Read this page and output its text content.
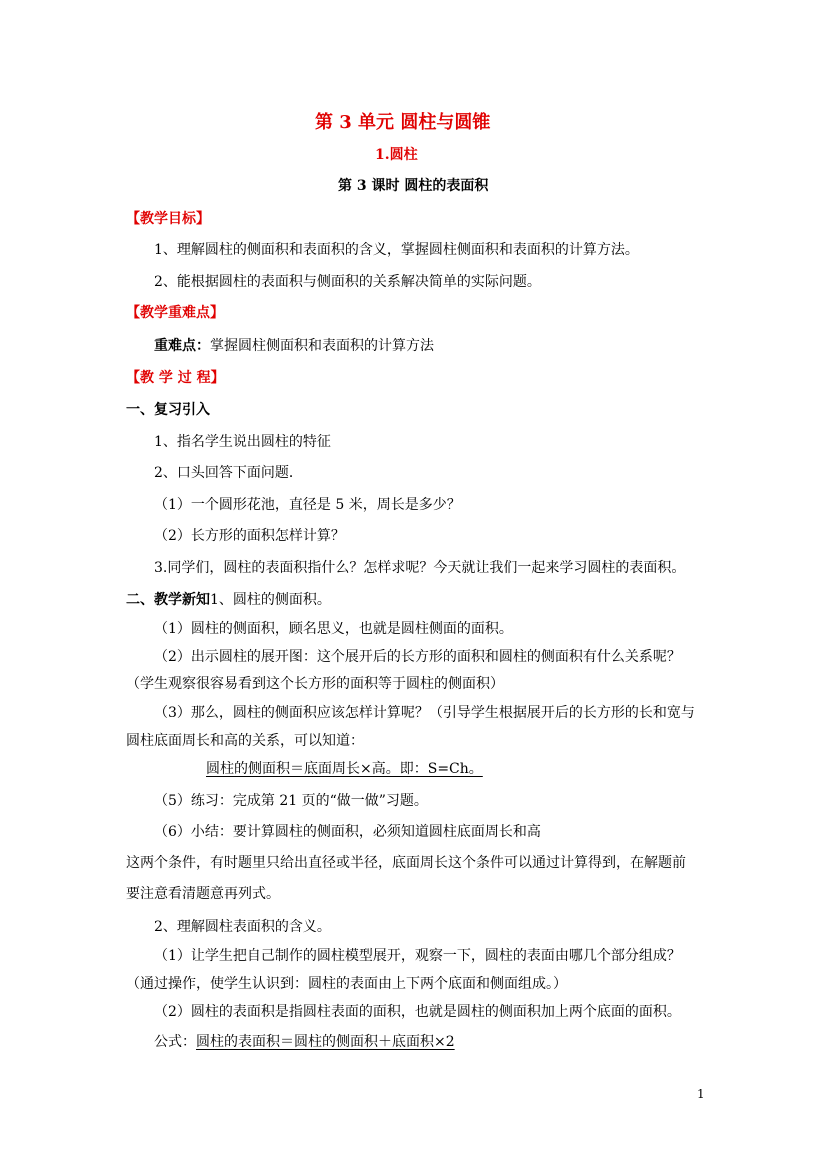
第 3 单元 圆柱与圆锥
1.圆柱
第 3 课时 圆柱的表面积
【教学目标】
1、理解圆柱的侧面积和表面积的含义，掌握圆柱侧面积和表面积的计算方法。
2、能根据圆柱的表面积与侧面积的关系解决简单的实际问题。
【教学重难点】
重难点：掌握圆柱侧面积和表面积的计算方法
【教 学 过 程】
一、复习引入
1、指名学生说出圆柱的特征
2、口头回答下面问题．
（1）一个圆形花池，直径是 5 米，周长是多少？
（2）长方形的面积怎样计算？
3.同学们，圆柱的表面积指什么？怎样求呢？今天就让我们一起来学习圆柱的表面积。
二、教学新知1、圆柱的侧面积。
（1）圆柱的侧面积，顾名思义，也就是圆柱侧面的面积。
（2）出示圆柱的展开图：这个展开后的长方形的面积和圆柱的侧面积有什么关系呢？
（学生观察很容易看到这个长方形的面积等于圆柱的侧面积）
（3）那么，圆柱的侧面积应该怎样计算呢？（引导学生根据展开后的长方形的长和宽与
圆柱底面周长和高的关系，可以知道：
圆柱的侧面积＝底面周长×高。即：S=Ch。
（5）练习：完成第 21 页的“做一做”习题。
（6）小结：要计算圆柱的侧面积，必须知道圆柱底面周长和高
这两个条件，有时题里只给出直径或半径，底面周长这个条件可以通过计算得到，在解题前
要注意看清题意再列式。
2、理解圆柱表面积的含义。
（1）让学生把自己制作的圆柱模型展开，观察一下，圆柱的表面由哪几个部分组成？
（通过操作，使学生认识到：圆柱的表面由上下两个底面和侧面组成。）
（2）圆柱的表面积是指圆柱表面的面积，也就是圆柱的侧面积加上两个底面的面积。
公式：圆柱的表面积＝圆柱的侧面积＋底面积×2
1
